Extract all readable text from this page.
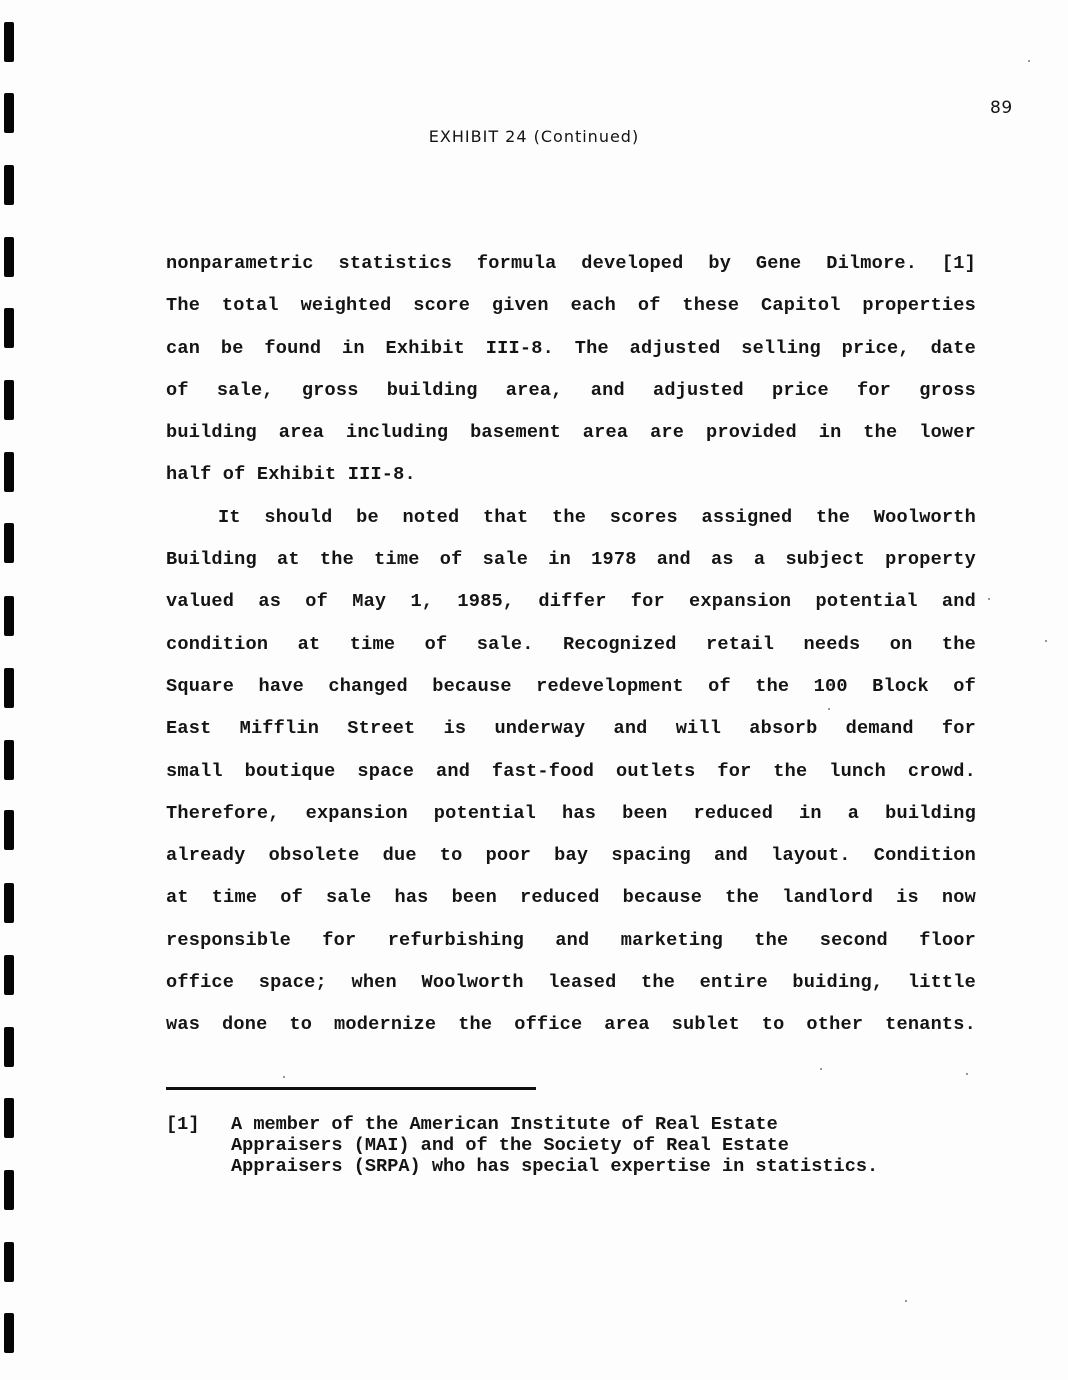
89
EXHIBIT 24 (Continued)
nonparametric statistics formula developed by Gene Dilmore. [1]
The total weighted score given each of these Capitol properties
can be found in Exhibit III-8. The adjusted selling price, date
of sale, gross building area, and adjusted price for gross
building area including basement area are provided in the lower
half of Exhibit III-8.
It should be noted that the scores assigned the Woolworth
Building at the time of sale in 1978 and as a subject property
valued as of May 1, 1985, differ for expansion potential and
condition at time of sale. Recognized retail needs on the
Square have changed because redevelopment of the 100 Block of
East Mifflin Street is underway and will absorb demand for
small boutique space and fast-food outlets for the lunch crowd.
Therefore, expansion potential has been reduced in a building
already obsolete due to poor bay spacing and layout. Condition
at time of sale has been reduced because the landlord is now
responsible for refurbishing and marketing the second floor
office space; when Woolworth leased the entire buiding, little
was done to modernize the office area sublet to other tenants.
[1] A member of the American Institute of Real Estate
Appraisers (MAI) and of the Society of Real Estate
Appraisers (SRPA) who has special expertise in statistics.
